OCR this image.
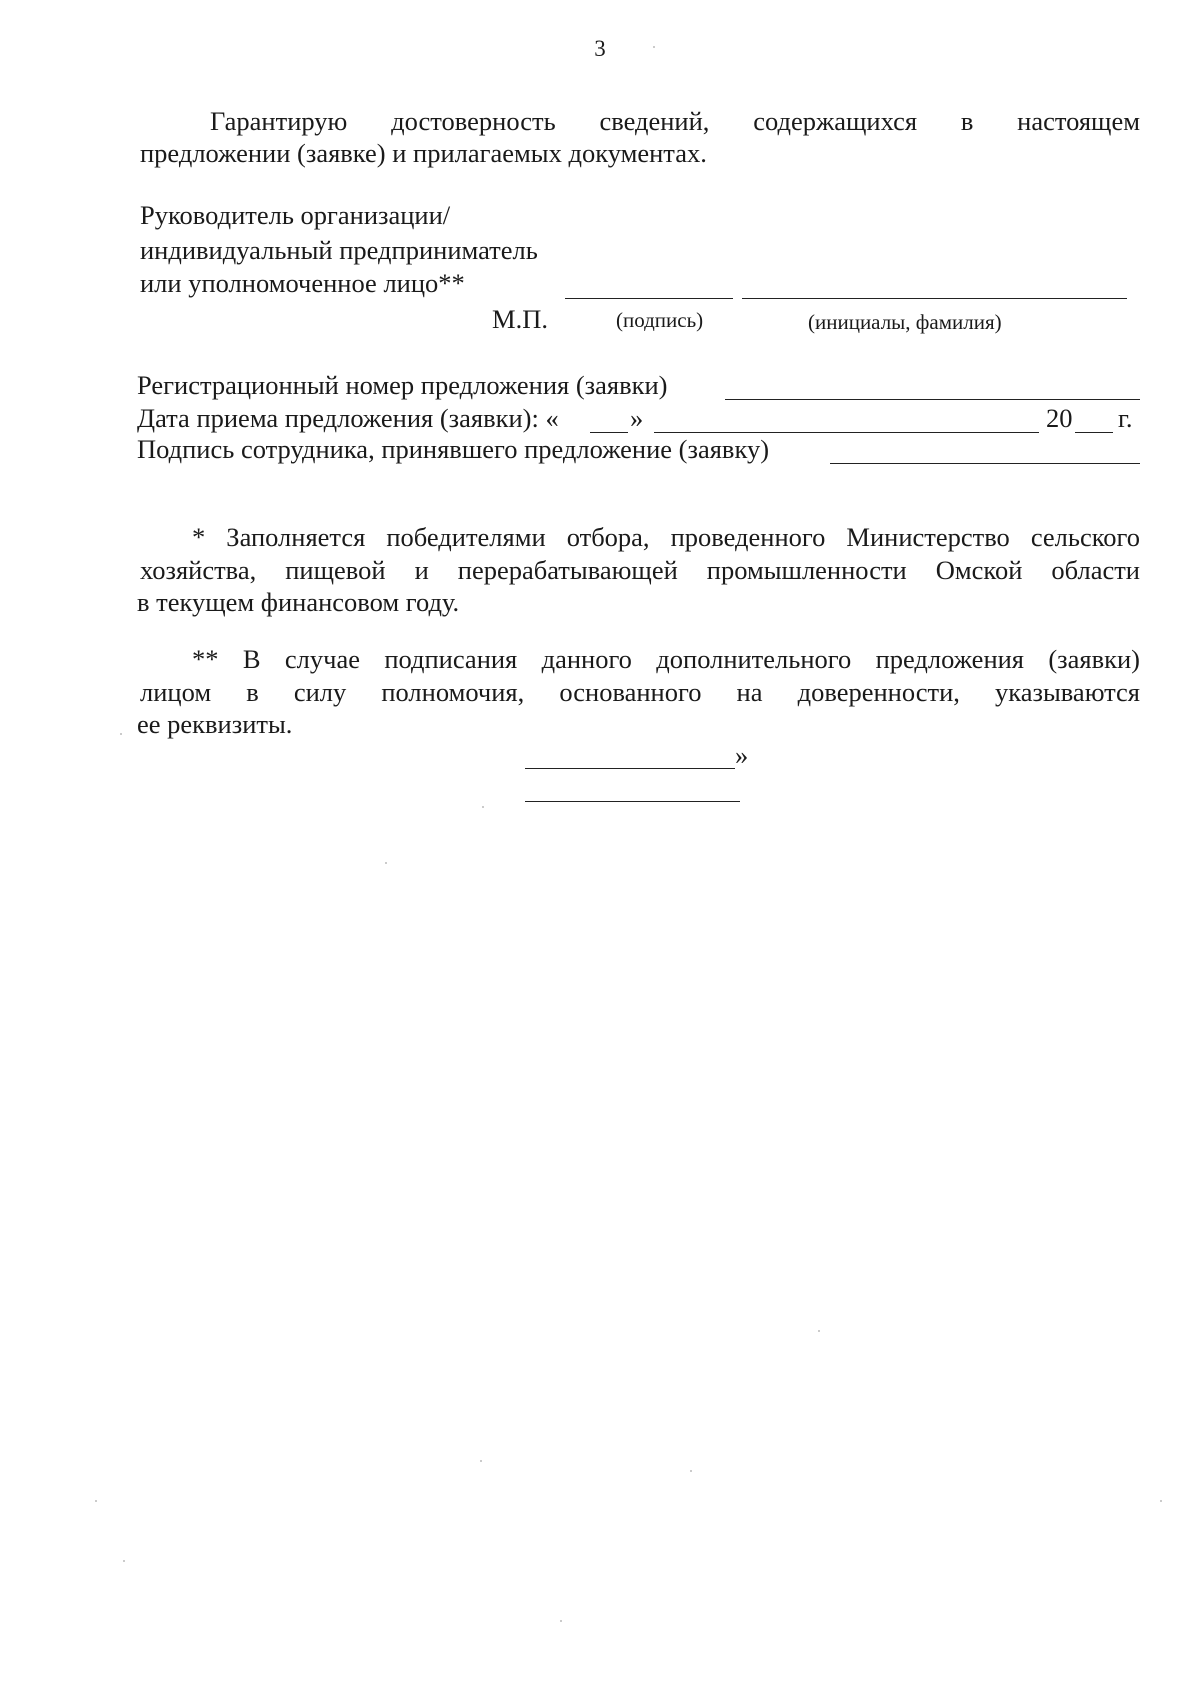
3
Гарантирую достоверность сведений, содержащихся в настоящем
предложении (заявке) и прилагаемых документах.
Руководитель организации/
индивидуальный предприниматель
или уполномоченное лицо**
М.П.	(подпись)	(инициалы, фамилия)
Регистрационный номер предложения (заявки)
Дата приема предложения (заявки): «	»	20 г.
Подпись сотрудника, принявшего предложение (заявку)
* Заполняется победителями отбора, проведенного Министерство сельского
хозяйства, пищевой и перерабатывающей промышленности Омской области
в текущем финансовом году.
** В случае подписания данного дополнительного предложения (заявки)
лицом в силу полномочия, основанного на доверенности, указываются
ее реквизиты.
»
